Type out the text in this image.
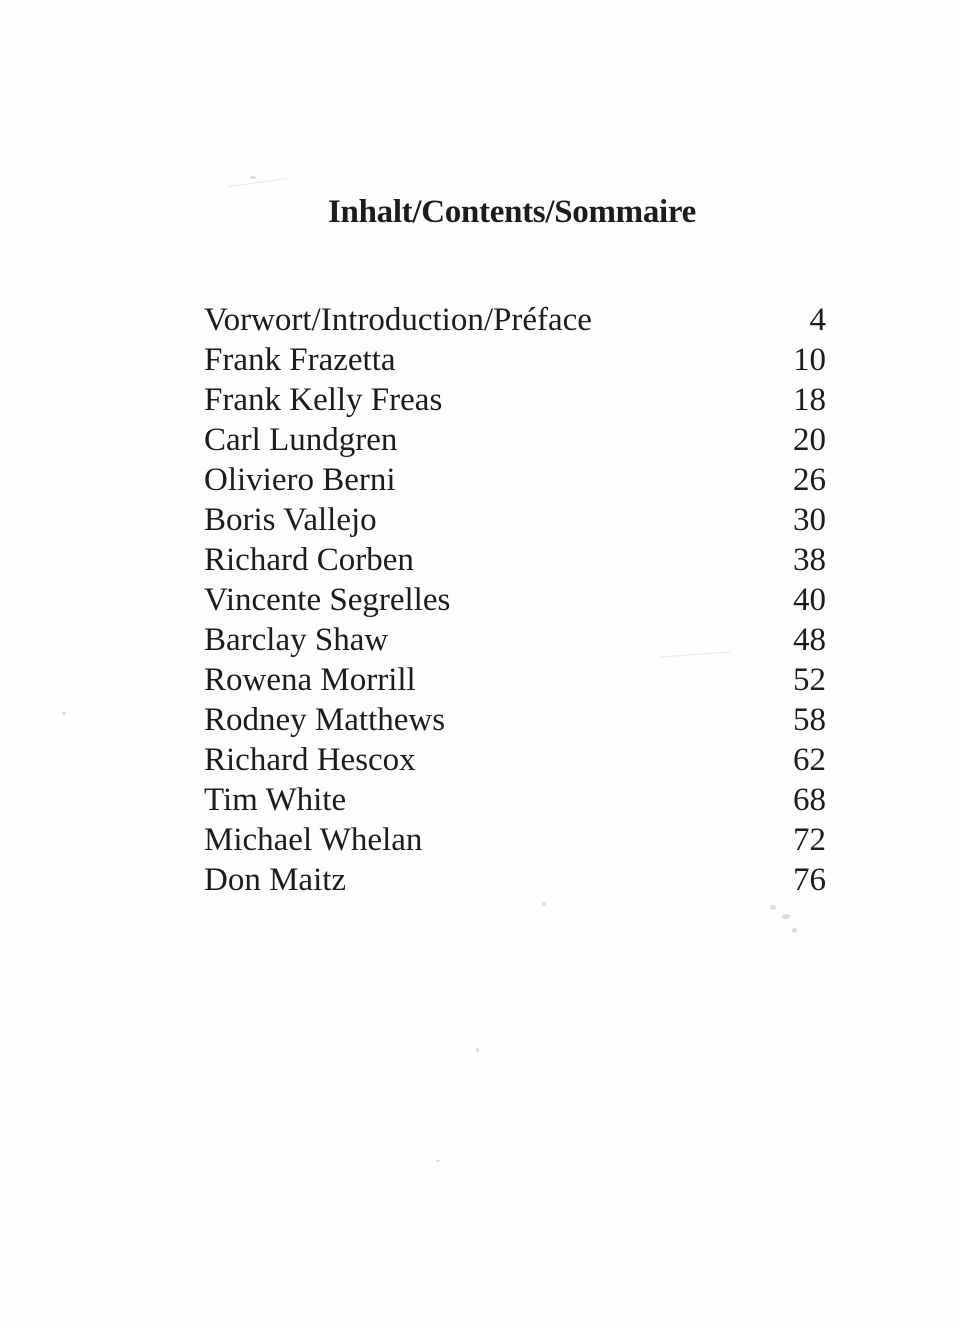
Inhalt/Contents/Sommaire
Vorwort/Introduction/Préface	4
Frank Frazetta	10
Frank Kelly Freas	18
Carl Lundgren	20
Oliviero Berni	26
Boris Vallejo	30
Richard Corben	38
Vincente Segrelles	40
Barclay Shaw	48
Rowena Morrill	52
Rodney Matthews	58
Richard Hescox	62
Tim White	68
Michael Whelan	72
Don Maitz	76
